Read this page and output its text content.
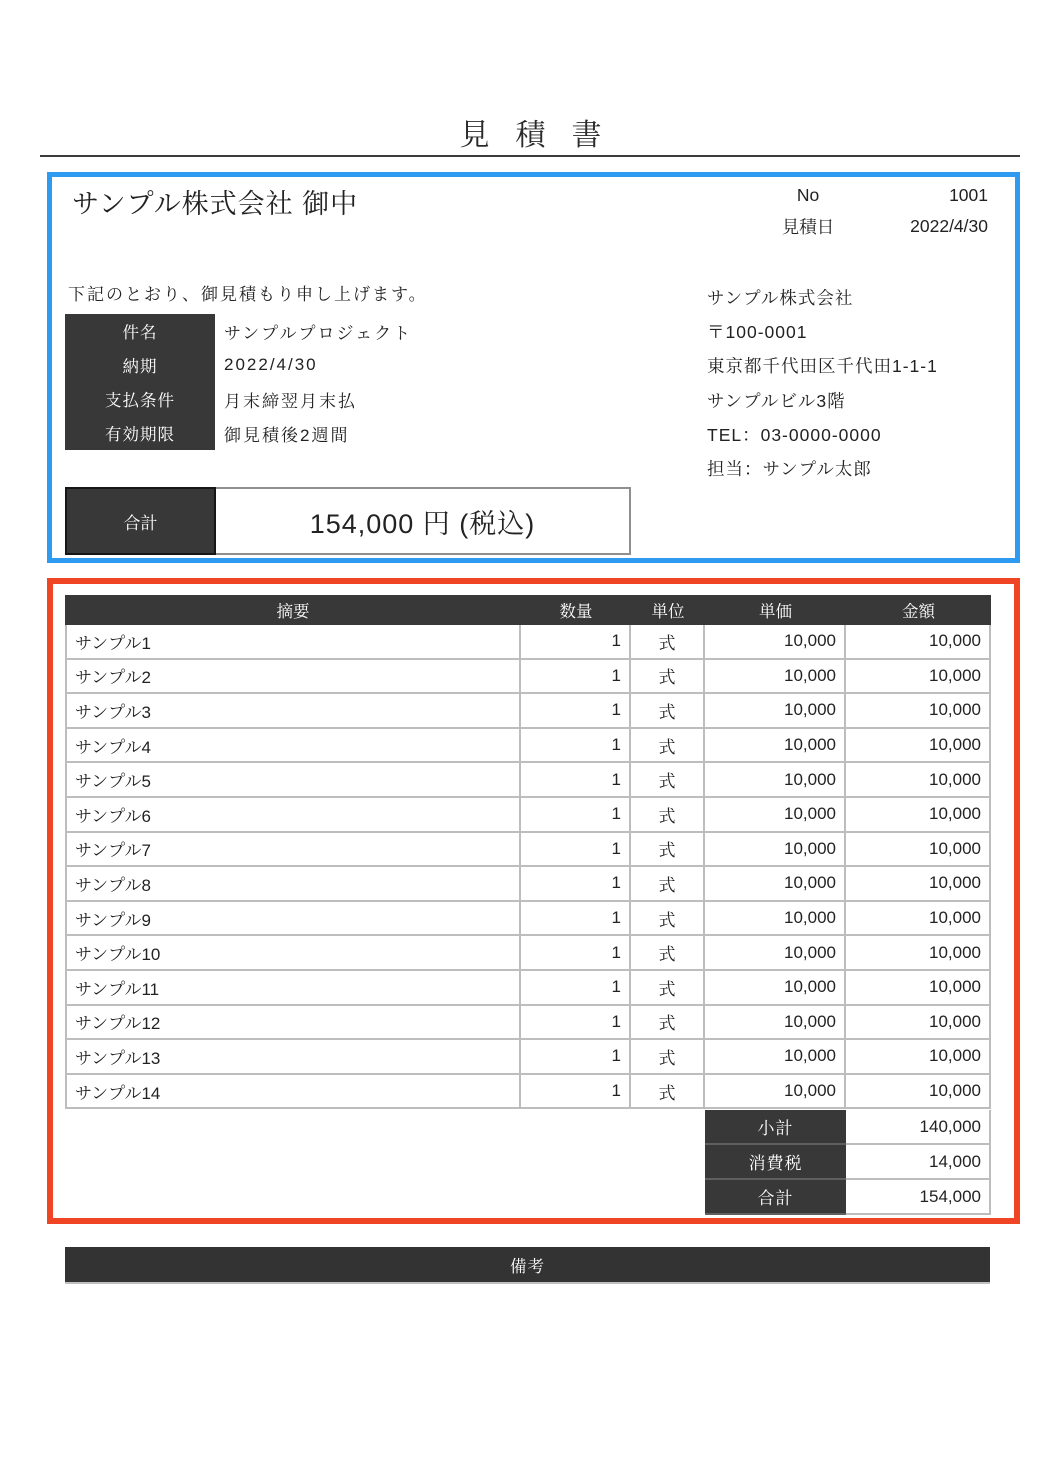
見積書
サンプル株式会社 御中	No	1001
見積日	2022/4/30
下記のとおり、御見積もり申し上げます。
件名	サンプルプロジェクト
納期	2022/4/30
支払条件	月末締翌月末払
有効期限	御見積後2週間
サンプル株式会社
〒100-0001
東京都千代田区千代田1-1-1
サンプルビル3階
TEL：03-0000-0000
担当：サンプル太郎
合計	154,000 円 (税込)
摘要	数量	単位	単価	金額
サンプル1	1	式	10,000	10,000
サンプル2	1	式	10,000	10,000
サンプル3	1	式	10,000	10,000
サンプル4	1	式	10,000	10,000
サンプル5	1	式	10,000	10,000
サンプル6	1	式	10,000	10,000
サンプル7	1	式	10,000	10,000
サンプル8	1	式	10,000	10,000
サンプル9	1	式	10,000	10,000
サンプル10	1	式	10,000	10,000
サンプル11	1	式	10,000	10,000
サンプル12	1	式	10,000	10,000
サンプル13	1	式	10,000	10,000
サンプル14	1	式	10,000	10,000
小計	140,000
消費税	14,000
合計	154,000
備考
